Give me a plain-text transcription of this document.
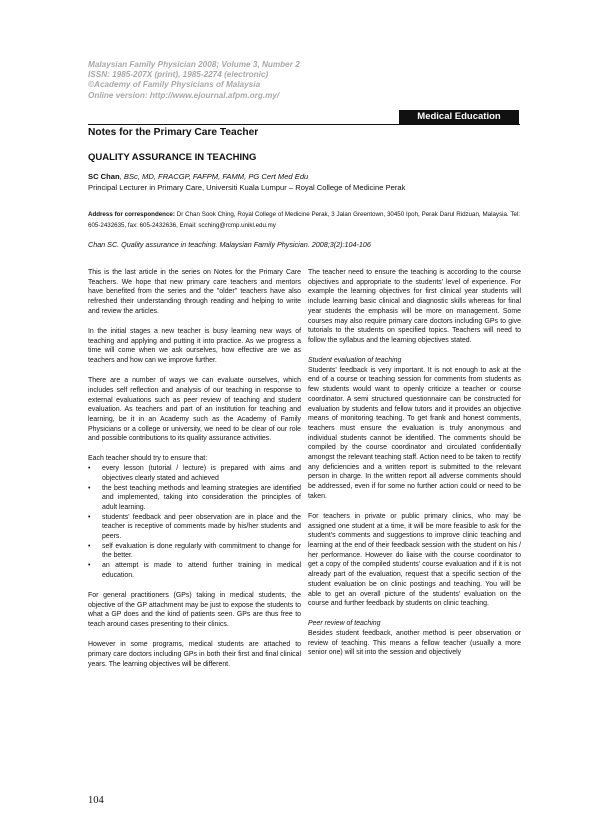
Malaysian Family Physician 2008; Volume 3, Number 2
ISSN: 1985-207X (print), 1985-2274 (electronic)
©Academy of Family Physicians of Malaysia
Online version: http://www.ejournal.afpm.org.my/
Medical Education
Notes for the Primary Care Teacher
QUALITY ASSURANCE IN TEACHING
SC Chan, BSc, MD, FRACGP, FAFPM, FAMM, PG Cert Med Edu
Principal Lecturer in Primary Care, Universiti Kuala Lumpur – Royal College of Medicine Perak
Address for correspondence: Dr Chan Sook Ching, Royal College of Medicine Perak, 3 Jalan Greentown, 30450 Ipoh, Perak Darul Ridzuan, Malaysia. Tel: 605-2432635, fax: 605-2432636, Email: scching@rcmp.unikl.edu.my
Chan SC. Quality assurance in teaching. Malaysian Family Physician. 2008;3(2):104-106

This is the last article in the series on Notes for the Primary Care Teachers. We hope that new primary care teachers and mentors have benefited from the series and the "older" teachers have also refreshed their understanding through reading and helping to write and review the articles.

In the initial stages a new teacher is busy learning new ways of teaching and applying and putting it into practice. As we progress a time will come when we ask ourselves, how effective are we as teachers and how can we improve further.

There are a number of ways we can evaluate ourselves, which includes self reflection and analysis of our teaching in response to external evaluations such as peer review of teaching and student evaluation. As teachers and part of an institution for teaching and learning, be it in an Academy such as the Academy of Family Physicians or a college or university, we need to be clear of our role and possible contributions to its quality assurance activities.

Each teacher should try to ensure that:
• every lesson (tutorial / lecture) is prepared with aims and objectives clearly stated and achieved
• the best teaching methods and learning strategies are identified and implemented, taking into consideration the principles of adult learning.
• students' feedback and peer observation are in place and the teacher is receptive of comments made by his/her students and peers.
• self evaluation is done regularly with commitment to change for the better.
• an attempt is made to attend further training in medical education.

For general practitioners (GPs) taking in medical students, the objective of the GP attachment may be just to expose the students to what a GP does and the kind of patients seen. GPs are thus free to teach around cases presenting to their clinics.

However in some programs, medical students are attached to primary care doctors including GPs in both their first and final clinical years. The learning objectives will be different.

The teacher need to ensure the teaching is according to the course objectives and appropriate to the students' level of experience. For example the learning objectives for first clinical year students will include learning basic clinical and diagnostic skills whereas for final year students the emphasis will be more on management. Some courses may also require primary care doctors including GPs to give tutorials to the students on specified topics. Teachers will need to follow the syllabus and the learning objectives stated.

Student evaluation of teaching

Students' feedback is very important. It is not enough to ask at the end of a course or teaching session for comments from students as few students would want to openly criticize a teacher or course coordinator. A semi structured questionnaire can be constructed for evaluation by students and fellow tutors and it provides an objective means of monitoring teaching. To get frank and honest comments, teachers must ensure the evaluation is truly anonymous and individual students cannot be identified. The comments should be compiled by the course coordinator and circulated confidentially amongst the relevant teaching staff. Action need to be taken to rectify any deficiencies and a written report is submitted to the relevant person in charge. In the written report all adverse comments should be addressed, even if for some no further action could or need to be taken.

For teachers in private or public primary clinics, who may be assigned one student at a time, it will be more feasible to ask for the student's comments and suggestions to improve clinic teaching and learning at the end of their feedback session with the student on his / her performance. However do liaise with the course coordinator to get a copy of the compiled students' course evaluation and if it is not already part of the evaluation, request that a specific section of the student evaluation be on clinic postings and teaching. You will be able to get an overall picture of the students' evaluation on the course and further feedback by students on clinic teaching.

Peer review of teaching

Besides student feedback, another method is peer observation or review of teaching. This means a fellow teacher (usually a more senior one) will sit into the session and objectively

104
